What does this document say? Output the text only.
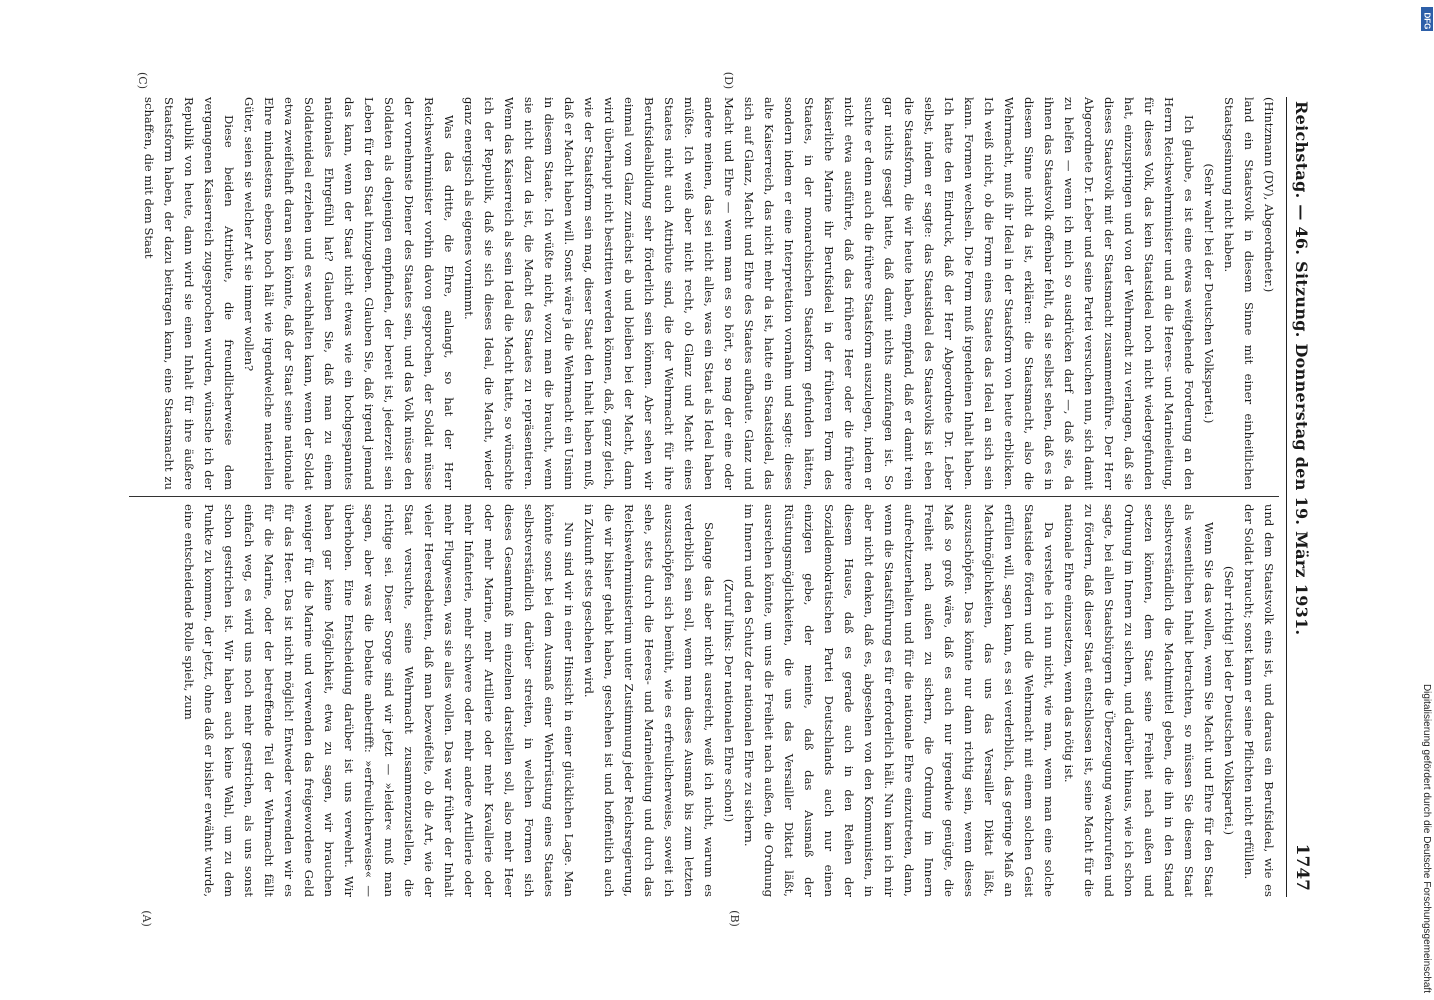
Reichstag. — 46. Sitzung. Donnerstag den 19. März 1931.
1747

(Hintzmann (DV), Abgeordneter.)

land ein Staatsvolk in diesem Sinne mit einer einheitlichen Staatsgesinnung nicht haben.

(Sehr wahr! bei der Deutschen Volkspartei.)

Ich glaube, es ist eine etwas weitgehende Forderung an den Herrn Reichswehrminister und an die Heeres- und Marineleitung, für dieses Volk, das kein Staatsideal noch nicht wiedergefunden hat, einzuspringen und von der Wehrmacht zu verlangen, daß sie dieses Staatsvolk mit der Staatsmacht zusammenführe. Der Herr Abgeordnete Dr. Leber und seine Partei versuchen nun, sich damit zu helfen — wenn ich mich so ausdrücken darf —, daß sie, da ihnen das Staatsvolk offenbar fehlt, da sie selbst sehen, daß es in diesem Sinne nicht da ist, erklären: die Staatsmacht, also die Wehrmacht, muß ihr Ideal in der Staatsform von heute erblicken. Ich weiß nicht, ob die Form eines Staates das Ideal an sich sein kann. Formen wechseln. Die Form muß irgendeinen Inhalt haben. Ich hatte den Eindruck, daß der Herr Abgeordnete Dr. Leber selbst, indem er sagte: das Staatsideal des Staatsvolks ist eben die Staatsform, die wir heute haben, empfand, daß er damit rein gar nichts gesagt hatte, daß damit nichts anzufangen ist. So suchte er denn auch die frühere Staatsform auszulegen, indem er nicht etwa ausführte, daß das frühere Heer oder die frühere kaiserliche Marine ihr Berufsideal in der früheren Form des Staates, in der monarchischen Staatsform gefunden hätten, sondern indem er eine Interpretation vornahm und sagte: dieses alte Kaiserreich, das nicht mehr da ist, hatte ein Staatsideal, das sich auf Glanz, Macht und Ehre des Staates aufbaute. Glanz und Macht und Ehre — wenn man es so hört, so mag der eine oder andere meinen, das sei nicht alles, was ein Staat als Ideal haben müßte. Ich weiß aber nicht recht, ob Glanz und Macht eines Staates nicht auch Attribute sind, die der Wehrmacht für ihre Berufsidealbildung sehr förderlich sein können. Aber sehen wir einmal vom Glanz zunächst ab und bleiben bei der Macht, dann wird überhaupt nicht bestritten werden können, daß, ganz gleich, wie der Staatsform sein mag, dieser Staat den Inhalt haben muß, daß er Macht haben will. Sonst wäre ja die Wehrmacht ein Unsinn in diesem Staate. Ich wüßte nicht, wozu man die braucht, wenn sie nicht dazu da ist, die Macht des Staates zu repräsentieren. Wenn das Kaiserreich als sein Ideal die Macht hatte, so wünschte ich der Republik, daß sie sich dieses Ideal, die Macht, wieder ganz energisch als eigenes vornimmt.

Was das dritte, die Ehre, anlangt, so hat der Herr Reichswehrminister vorhin davon gesprochen, der Soldat müsse der vornehmste Diener des Staates sein, und das Volk müsse den Soldaten als denjenigen empfinden, der bereit ist, jederzeit sein Leben für den Staat hinzugeben. Glauben Sie, daß irgend jemand das kann, wenn der Staat nicht etwas wie ein hochgespanntes nationales Ehrgefühl hat? Glauben Sie, daß man zu einem Soldatenideal erziehen und es wachhalten kann, wenn der Soldat etwa zweifelhaft daran sein könnte, daß der Staat seine nationale Ehre mindestens ebenso hoch hält wie irgendwelche materiellen Güter, seien sie welcher Art sie immer wollen?

Diese beiden Attribute, die freundlicherweise dem vergangenen Kaiserreich zugesprochen wurden, wünsche ich der Republik von heute, dann wird sie einen Inhalt für ihre äußere Staatsform haben, der dazu beitragen kann, eine Staatsmacht zu schaffen, die mit dem Staat

und dem Staatsvolk eins ist, und daraus ein Berufsideal, wie es der Soldat braucht; sonst kann er seine Pflichten nicht erfüllen.

(Sehr richtig! bei der Deutschen Volkspartei.)

Wenn Sie das wollen, wenn Sie Macht und Ehre für den Staat als wesentlichen Inhalt betrachten, so müssen Sie diesem Staat selbstverständlich die Machtmittel geben, die ihn in den Stand setzen könnten, dem Staat seine Freiheit nach außen und Ordnung im Innern zu sichern, und darüber hinaus, wie ich schon sagte, bei allen Staatsbürgern die Überzeugung wachzurufen und zu fördern, daß dieser Staat entschlossen ist, seine Macht für die nationale Ehre einzusetzen, wenn das nötig ist.

Da verstehe ich nun nicht, wie man, wenn man eine solche Staatsidee fördern und die Wehrmacht mit einem solchen Geist erfüllen will, sagen kann, es sei verderblich, das geringe Maß an Machtmöglichkeiten, das uns das Versailler Diktat läßt, auszuschöpfen. Das könnte nur dann richtig sein, wenn dieses Maß so groß wäre, daß es auch nur irgendwie genügte, die Freiheit nach außen zu sichern, die Ordnung im Innern aufrechtzuerhalten und für die nationale Ehre einzutreten, dann, wenn die Staatsführung es für erforderlich hält. Nun kann ich mir aber nicht denken, daß es, abgesehen von den Kommunisten, in diesem Hause, daß es gerade auch in den Reihen der Sozialdemokratischen Partei Deutschlands auch nur einen einzigen gebe, der meinte, daß das Ausmaß der Rüstungsmöglichkeiten, die uns das Versailler Diktat läßt, ausreichen könnte, um uns die Freiheit nach außen, die Ordnung im Innern und den Schutz der nationalen Ehre zu sichern.

(Zuruf links: Der nationalen Ehre schon!)

Solange das aber nicht ausreicht, weiß ich nicht, warum es verderblich sein soll, wenn man dieses Ausmaß bis zum letzten auszuschöpfen sich bemüht, wie es erfreulicherweise, soweit ich sehe, stets durch die Heeres- und Marineleitung und durch das Reichswehrministerium unter Zustimmung jeder Reichsregierung, die wir bisher gehabt haben, geschehen ist und hoffentlich auch in Zukunft stets geschehen wird.

Nun sind wir in einer Hinsicht in einer glücklichen Lage. Man könnte sonst bei dem Ausmaß einer Wehrrüstung eines Staates selbstverständlich darüber streiten, in welchen Formen sich dieses Gesamtmaß im einzelnen darstellen soll, also mehr Heer oder mehr Marine, mehr Artillerie oder mehr Kavallerie oder mehr Infanterie, mehr schwere oder mehr andere Artillerie oder mehr Flugwesen, was sie alles wollen. Das war früher der Inhalt vieler Heeresdebatten, daß man bezweifelte, ob die Art, wie der Staat versuchte, seine Wehrmacht zusammenzustellen, die richtige sei. Dieser Sorge sind wir jetzt — »leider« muß man sagen, aber was die Debatte anbetrifft: »erfreulicherweise« — überhoben. Eine Entscheidung darüber ist uns verwehrt. Wir haben gar keine Möglichkeit, etwa zu sagen, wir brauchen weniger für die Marine und verwenden das freigewordene Geld für das Heer. Das ist nicht möglich! Entweder verwenden wir es für die Marine, oder der betreffende Teil der Wehrmacht fällt einfach weg, es wird uns noch mehr gestrichen, als uns sonst schon gestrichen ist. Wir haben auch keine Wahl, um zu dem Punkte zu kommen, der jetzt, ohne daß er bisher erwähnt wurde, eine entscheidende Rolle spielt, zum

(A)	(B)
(C)	(D)
DFG
Digitalisierung gefördert durch die Deutsche Forschungsgemeinschaft
